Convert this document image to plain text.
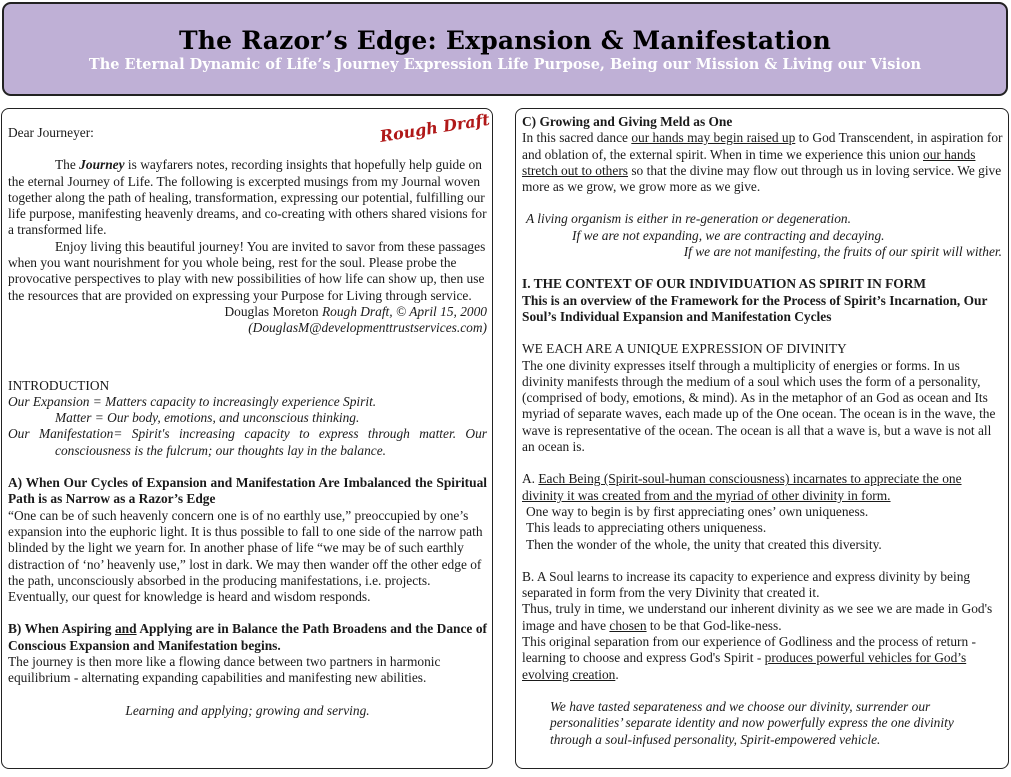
The Razor’s Edge: Expansion & Manifestation
The Eternal Dynamic of Life’s Journey Expression Life Purpose, Being our Mission & Living our Vision

Dear Journeyer:	Rough Draft

The Journey is wayfarers notes, recording insights that hopefully help guide on the eternal Journey of Life. The following is excerpted musings from my Journal woven together along the path of healing, transformation, expressing our potential, fulfilling our life purpose, manifesting heavenly dreams, and co-creating with others shared visions for a transformed life.

Enjoy living this beautiful journey! You are invited to savor from these passages when you want nourishment for you whole being, rest for the soul. Please probe the provocative perspectives to play with new possibilities of how life can show up, then use the resources that are provided on expressing your Purpose for Living through service.

Douglas Moreton Rough Draft, © April 15, 2000

(DouglasM@developmenttrustservices.com)

INTRODUCTION

Our Expansion = Matters capacity to increasingly experience Spirit.

Matter = Our body, emotions, and unconscious thinking.

Our Manifestation= Spirit's increasing capacity to express through matter. Our consciousness is the fulcrum; our thoughts lay in the balance.

A) When Our Cycles of Expansion and Manifestation Are Imbalanced the Spiritual Path is as Narrow as a Razor’s Edge

“One can be of such heavenly concern one is of no earthly use,” preoccupied by one’s expansion into the euphoric light. It is thus possible to fall to one side of the narrow path blinded by the light we yearn for. In another phase of life “we may be of such earthly distraction of ‘no’ heavenly use,” lost in dark. We may then wander off the other edge of the path, unconsciously absorbed in the producing manifestations, i.e. projects. Eventually, our quest for knowledge is heard and wisdom responds.

B) When Aspiring and Applying are in Balance the Path Broadens and the Dance of Conscious Expansion and Manifestation begins.

The journey is then more like a flowing dance between two partners in harmonic equilibrium - alternating expanding capabilities and manifesting new abilities.

Learning and applying; growing and serving.

C) Growing and Giving Meld as One

In this sacred dance our hands may begin raised up to God Transcendent, in aspiration for and oblation of, the external spirit. When in time we experience this union our hands stretch out to others so that the divine may flow out through us in loving service. We give more as we grow, we grow more as we give.

A living organism is either in re-generation or degeneration.

If we are not expanding, we are contracting and decaying.

If we are not manifesting, the fruits of our spirit will wither.

I. THE CONTEXT OF OUR INDIVIDUATION AS SPIRIT IN FORM

This is an overview of the Framework for the Process of Spirit’s Incarnation, Our Soul’s Individual Expansion and Manifestation Cycles

WE EACH ARE A UNIQUE EXPRESSION OF DIVINITY

The one divinity expresses itself through a multiplicity of energies or forms. In us divinity manifests through the medium of a soul which uses the form of a personality, (comprised of body, emotions, & mind). As in the metaphor of an God as ocean and Its myriad of separate waves, each made up of the One ocean. The ocean is in the wave, the wave is representative of the ocean. The ocean is all that a wave is, but a wave is not all an ocean is.

A. Each Being (Spirit-soul-human consciousness) incarnates to appreciate the one divinity it was created from and the myriad of other divinity in form.

One way to begin is by first appreciating ones’ own uniqueness.

This leads to appreciating others uniqueness.

Then the wonder of the whole, the unity that created this diversity.

B. A Soul learns to increase its capacity to experience and express divinity by being separated in form from the very Divinity that created it.

Thus, truly in time, we understand our inherent divinity as we see we are made in God's image and have chosen to be that God-like-ness.

This original separation from our experience of Godliness and the process of return - learning to choose and express God's Spirit - produces powerful vehicles for God’s evolving creation.

We have tasted separateness and we choose our divinity, surrender our personalities’ separate identity and now powerfully express the one divinity through a soul-infused personality, Spirit-empowered vehicle.
